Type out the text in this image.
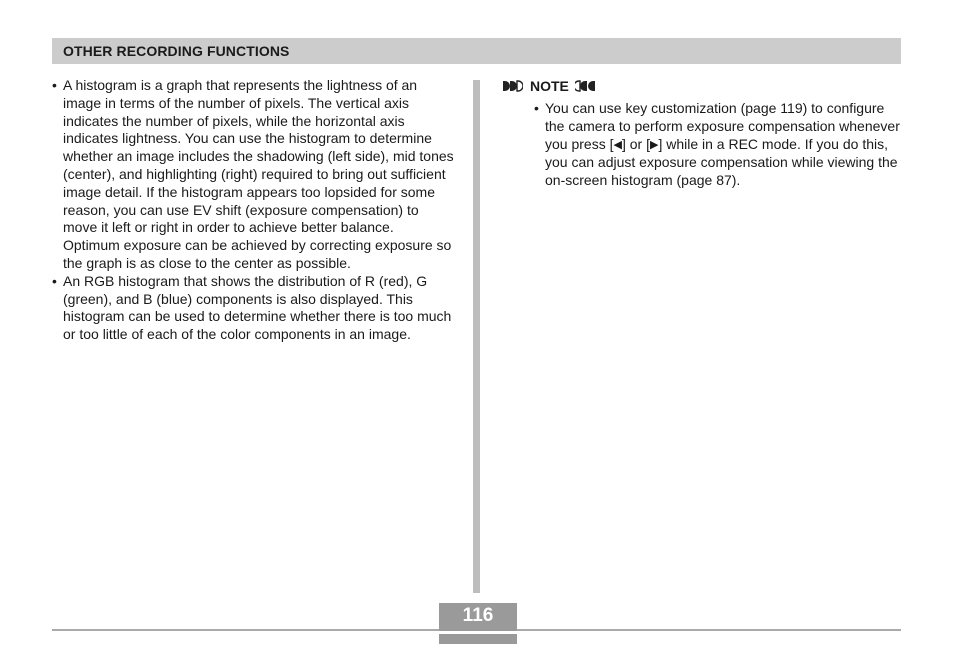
OTHER RECORDING FUNCTIONS
• A histogram is a graph that represents the lightness of an image in terms of the number of pixels. The vertical axis indicates the number of pixels, while the horizontal axis indicates lightness. You can use the histogram to determine whether an image includes the shadowing (left side), mid tones (center), and highlighting (right) required to bring out sufficient image detail. If the histogram appears too lopsided for some reason, you can use EV shift (exposure compensation) to move it left or right in order to achieve better balance. Optimum exposure can be achieved by correcting exposure so the graph is as close to the center as possible.
• An RGB histogram that shows the distribution of R (red), G (green), and B (blue) components is also displayed. This histogram can be used to determine whether there is too much or too little of each of the color components in an image.
NOTE
• You can use key customization (page 119) to configure the camera to perform exposure compensation whenever you press [◀] or [▶] while in a REC mode. If you do this, you can adjust exposure compensation while viewing the on-screen histogram (page 87).
116
